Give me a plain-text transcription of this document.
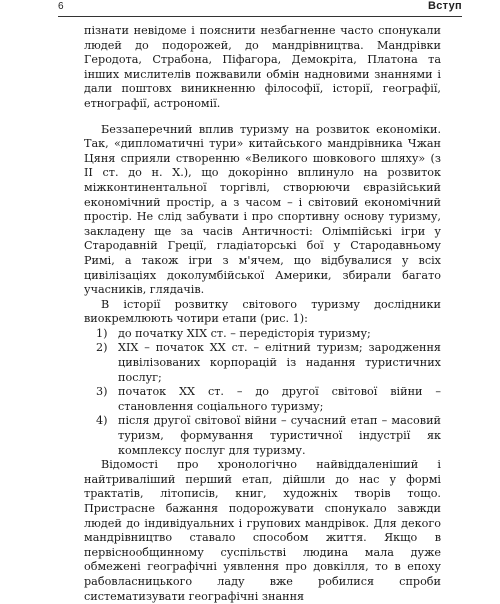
6	Вступ

пізнати невідоме і пояснити незбагненне часто спонукали людей до подорожей, до мандрівництва. Мандрівки Геродота, Страбона, Піфагора, Демокріта, Платона та інших мислителів пожвавили обмін надновими знаннями і дали поштовх виникненню філософії, історії, географії, етнографії, астрономії.

Беззаперечний вплив туризму на розвиток економіки. Так, «дипломатичні тури» китайського мандрівника Чжан Цяня сприяли створенню «Великого шовкового шляху» (з ІІ ст. до н. Х.), що докорінно вплинуло на розвиток міжконтинентальної торгівлі, створюючи євразійський економічний простір, а з часом – і світовий економічний простір. Не слід забувати і про спортивну основу туризму, закладену ще за часів Античності: Олімпійські ігри у Стародавній Греції, гладіаторські бої у Стародавньому Римі, а також ігри з м'ячем, що відбувалися у всіх цивілізаціях доколумбійської Америки, збирали багато учасників, глядачів.

В історії розвитку світового туризму дослідники виокремлюють чотири етапи (рис. 1):

1) до початку XIX ст. – передісторія туризму;
2) XIX – початок XX ст. – елітний туризм; зародження цивілізованих корпорацій із надання туристичних послуг;
3) початок XX ст. – до другої світової війни – становлення соціального туризму;
4) після другої світової війни – сучасний етап – масовий туризм, формування туристичної індустрії як комплексу послуг для туризму.

Відомості про хронологічно найвіддаленіший і найтриваліший перший етап, дійшли до нас у формі трактатів, літописів, книг, художніх творів тощо. Пристрасне бажання подорожувати спонукало завжди людей до індивідуальних і групових мандрівок. Для декого мандрівництво ставало способом життя. Якщо в первіснообщинному суспільстві людина мала дуже обмежені географічні уявлення про довкілля, то в епоху рабовласницького ладу вже робилися спроби систематизувати географічні знання
